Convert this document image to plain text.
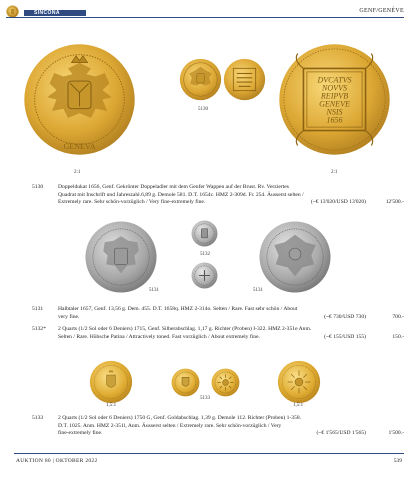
SINCONA	GENF/GENÈVE
GENEVA
DVCATVS
NOVVS
REIPVB
GENEVE
NSIS
1656
5130
2:1	2:1
5130	Doppeldukat 1656, Genf. Gekrönter Doppeladler mit dem Genfer Wappen auf der Brust. Rv. Verziertes
Quadrat mit Inschrift und Jahreszahl.6,89 g. Demole 581. D.T. 1654c. HMZ 2-309d. Fr. 254. Äusserst selten /
Extremely rare. Sehr schön-vorzüglich / Very fine-extremely fine.	(~€ 13'020/USD 13'020)	12'500.-
5132
5131	5131
5131	Halbtaler 1657, Genf. 13,56 g. Dem. 455. D.T. 1658q. HMZ 2-314o. Selten / Rare. Fast sehr schön / About
very fine.	(~€ 730/USD 730)	700.-
5132*	2 Quarts (1/2 Sol oder 6 Deniers) 1715, Genf. Silberabschlag. 1,17 g. Richter (Proben) I-322. HMZ 2-351e Anm.
Selten / Rare. Hübsche Patina / Attractively toned. Fast vorzüglich / About extremely fine.	(~€ 155/USD 155)	150.-
5133
1,5:1	1,5:1
5133	2 Quarts (1/2 Sol oder 6 Deniers) 1750 G, Genf. Goldabschlag. 1,39 g. Demole 112. Richter (Proben) 1-358.
D.T. 1025. Anm. HMZ 2-351l, Anm. Äusserst selten / Extremely rare. Sehr schön-vorzüglich / Very
fine-extremely fine.	(~€ 1'565/USD 1'565)	1'500.-
AUKTION 80 | OKTOBER 2022	539
